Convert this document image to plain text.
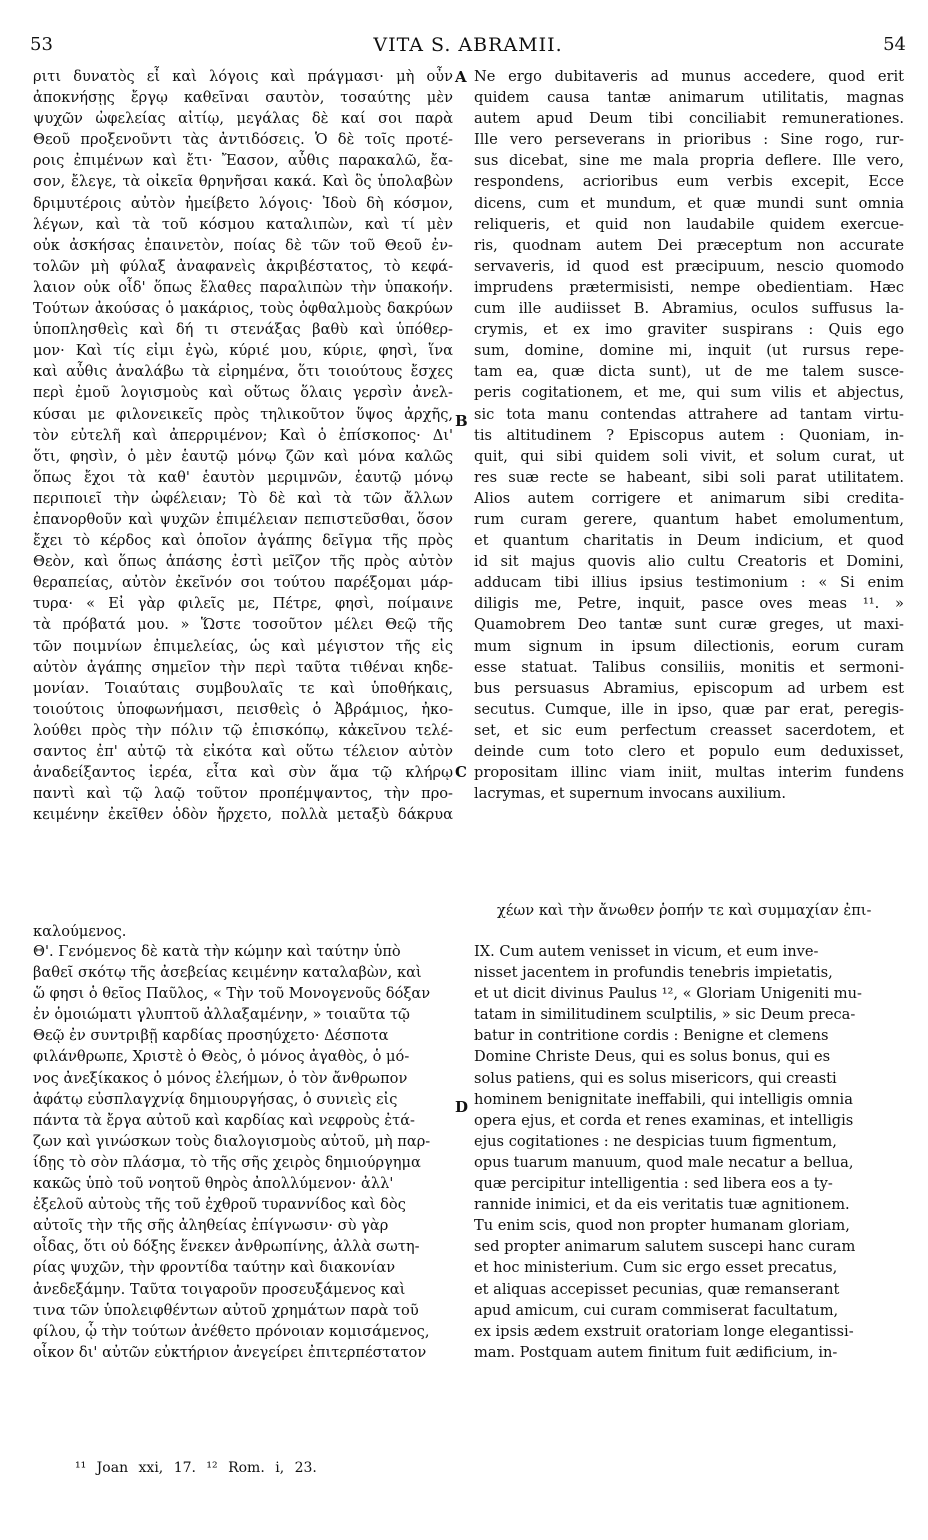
53	VITA S. ABRAMII.	54
ριτι δυνατὸς εἶ καὶ λόγοις καὶ πράγμασι· μὴ οὖν
ἀποκνήσῃς ἔργῳ καθεῖναι σαυτὸν, τοσαύτης μὲν
ψυχῶν ὠφελείας αἰτίῳ, μεγάλας δὲ καί σοι παρὰ
Θεοῦ προξενοῦντι τὰς ἀντιδόσεις. Ὁ δὲ τοῖς προτέ-
ροις ἐπιμένων καὶ ἔτι· Ἔασον, αὖθις παρακαλῶ, ἔα-
σον, ἔλεγε, τὰ οἰκεῖα θρηνῆσαι κακά. Καὶ ὃς ὑπολαβὼν
δριμυτέροις αὐτὸν ἠμείβετο λόγοις· Ἰδοὺ δὴ κόσμον,
λέγων, καὶ τὰ τοῦ κόσμου καταλιπὼν, καὶ τί μὲν
οὐκ ἀσκήσας ἐπαινετὸν, ποίας δὲ τῶν τοῦ Θεοῦ ἐν-
τολῶν μὴ φύλαξ ἀναφανεὶς ἀκριβέστατος, τὸ κεφά-
λαιον οὐκ οἶδ' ὅπως ἔλαθες παραλιπὼν τὴν ὑπακοήν.
Τούτων ἀκούσας ὁ μακάριος, τοὺς ὀφθαλμοὺς δακρύων
ὑποπλησθεὶς καὶ δή τι στενάξας βαθὺ καὶ ὑπόθερ-
μον· Καὶ τίς εἰμι ἐγὼ, κύριέ μου, κύριε, φησὶ, ἵνα
καὶ αὖθις ἀναλάβω τὰ εἰρημένα, ὅτι τοιούτους ἔσχες
περὶ ἐμοῦ λογισμοὺς καὶ οὕτως ὅλαις γερσὶν ἀνελ-
κύσαι με φιλονεικεῖς πρὸς τηλικοῦτον ὕψος ἀρχῆς,
τὸν εὐτελῆ καὶ ἀπερριμένον; Καὶ ὁ ἐπίσκοπος· Δι'
ὅτι, φησὶν, ὁ μὲν ἑαυτῷ μόνῳ ζῶν καὶ μόνα καλῶς
ὅπως ἔχοι τὰ καθ' ἑαυτὸν μεριμνῶν, ἑαυτῷ μόνῳ
περιποιεῖ τὴν ὠφέλειαν; Τὸ δὲ καὶ τὰ τῶν ἄλλων
ἐπανορθοῦν καὶ ψυχῶν ἐπιμέλειαν πεπιστεῦσθαι, ὅσον
ἔχει τὸ κέρδος καὶ ὁποῖον ἀγάπης δεῖγμα τῆς πρὸς
Θεὸν, καὶ ὅπως ἁπάσης ἐστὶ μεῖζον τῆς πρὸς αὐτὸν
θεραπείας, αὐτὸν ἐκεῖνόν σοι τούτου παρέξομαι μάρ-
τυρα· « Εἰ γὰρ φιλεῖς με, Πέτρε, φησὶ, ποίμαινε
τὰ πρόβατά μου. » Ὥστε τοσοῦτον μέλει Θεῷ τῆς
τῶν ποιμνίων ἐπιμελείας, ὡς καὶ μέγιστον τῆς εἰς
αὐτὸν ἀγάπης σημεῖον τὴν περὶ ταῦτα τιθέναι κηδε-
μονίαν. Τοιαύταις συμβουλαῖς τε καὶ ὑποθήκαις,
τοιούτοις ὑποφωνήμασι, πεισθεὶς ὁ Ἀβράμιος, ἠκο-
λούθει πρὸς τὴν πόλιν τῷ ἐπισκόπῳ, κἀκεῖνου τελέ-
σαντος ἐπ' αὐτῷ τὰ εἰκότα καὶ οὕτω τέλειον αὐτὸν
ἀναδείξαντος ἱερέα, εἶτα καὶ σὺν ἅμα τῷ κλήρῳ
παντὶ καὶ τῷ λαῷ τοῦτον προπέμψαντος, τὴν προ-
κειμένην ἐκεῖθεν ὁδὸν ἤρχετο, πολλὰ μεταξὺ δάκρυα
Ne ergo dubitaveris ad munus accedere, quod erit
quidem causa tantæ animarum utilitatis, magnas
autem apud Deum tibi conciliabit remunerationes.
Ille vero perseverans in prioribus : Sine rogo, rur-
sus dicebat, sine me mala propria deflere. Ille vero,
respondens, acrioribus eum verbis excepit, Ecce
dicens, cum et mundum, et quæ mundi sunt omnia
reliqueris, et quid non laudabile quidem exercue-
ris, quodnam autem Dei præceptum non accurate
servaveris, id quod est præcipuum, nescio quomodo
imprudens prætermisisti, nempe obedientiam. Hæc
cum ille audiisset B. Abramius, oculos suffusus la-
crymis, et ex imo graviter suspirans : Quis ego
sum, domine, domine mi, inquit (ut rursus repe-
tam ea, quæ dicta sunt), ut de me talem susce-
peris cogitationem, et me, qui sum vilis et abjectus,
sic tota manu contendas attrahere ad tantam virtu-
tis altitudinem ? Episcopus autem : Quoniam, in-
quit, qui sibi quidem soli vivit, et solum curat, ut
res suæ recte se habeant, sibi soli parat utilitatem.
Alios autem corrigere et animarum sibi credita-
rum curam gerere, quantum habet emolumentum,
et quantum charitatis in Deum indicium, et quod
id sit majus quovis alio cultu Creatoris et Domini,
adducam tibi illius ipsius testimonium : « Si enim
diligis me, Petre, inquit, pasce oves meas ¹¹. »
Quamobrem Deo tantæ sunt curæ greges, ut maxi-
mum signum in ipsum dilectionis, eorum curam
esse statuat. Talibus consiliis, monitis et sermoni-
bus persuasus Abramius, episcopum ad urbem est
secutus. Cumque, ille in ipso, quæ par erat, peregis-
set, et sic eum perfectum creasset sacerdotem, et
deinde cum toto clero et populo eum deduxisset,
propositam illinc viam iniit, multas interim fundens
lacrymas, et supernum invocans auxilium.
A
B
C
D
χέων καὶ τὴν ἄνωθεν ῥοπήν τε καὶ συμμαχίαν ἐπι-
καλούμενος.
Θ'. Γενόμενος δὲ κατὰ τὴν κώμην καὶ ταύτην ὑπὸ
βαθεῖ σκότῳ τῆς ἀσεβείας κειμένην καταλαβὼν, καὶ
ὥ φησι ὁ θεῖος Παῦλος, « Τὴν τοῦ Μονογενοῦς δόξαν
ἐν ὁμοιώματι γλυπτοῦ ἀλλαξαμένην, » τοιαῦτα τῷ
Θεῷ ἐν συντριβῇ καρδίας προσηύχετο· Δέσποτα
φιλάνθρωπε, Χριστὲ ὁ Θεὸς, ὁ μόνος ἀγαθὸς, ὁ μό-
νος ἀνεξίκακος ὁ μόνος ἐλεήμων, ὁ τὸν ἄνθρωπον
ἀφάτῳ εὐσπλαγχνίᾳ δημιουργήσας, ὁ συνιεὶς εἰς
πάντα τὰ ἔργα αὐτοῦ καὶ καρδίας καὶ νεφροὺς ἐτά-
ζων καὶ γινώσκων τοὺς διαλογισμοὺς αὐτοῦ, μὴ παρ-
ίδῃς τὸ σὸν πλάσμα, τὸ τῆς σῆς χειρὸς δημιούργημα
κακῶς ὑπὸ τοῦ νοητοῦ θηρὸς ἀπολλύμενον· ἀλλ'
ἐξελοῦ αὐτοὺς τῆς τοῦ ἐχθροῦ τυραννίδος καὶ δὸς
αὐτοῖς τὴν τῆς σῆς ἀληθείας ἐπίγνωσιν· σὺ γὰρ
οἶδας, ὅτι οὐ δόξης ἕνεκεν ἀνθρωπίνης, ἀλλὰ σωτη-
ρίας ψυχῶν, τὴν φροντίδα ταύτην καὶ διακονίαν
ἀνεδεξάμην. Ταῦτα τοιγαροῦν προσευξάμενος καὶ
τινα τῶν ὑπολειφθέντων αὐτοῦ χρημάτων παρὰ τοῦ
φίλου, ᾧ τὴν τούτων ἀνέθετο πρόνοιαν κομισάμενος,
οἶκον δι' αὐτῶν εὐκτήριον ἀνεγείρει ἐπιτερπέστατον
IX. Cum autem venisset in vicum, et eum inve-
nisset jacentem in profundis tenebris impietatis,
et ut dicit divinus Paulus ¹², « Gloriam Unigeniti mu-
tatam in similitudinem sculptilis, » sic Deum preca-
batur in contritione cordis : Benigne et clemens
Domine Christe Deus, qui es solus bonus, qui es
solus patiens, qui es solus misericors, qui creasti
hominem benignitate ineffabili, qui intelligis omnia
opera ejus, et corda et renes examinas, et intelligis
ejus cogitationes : ne despicias tuum figmentum,
opus tuarum manuum, quod male necatur a bellua,
quæ percipitur intelligentia : sed libera eos a ty-
rannide inimici, et da eis veritatis tuæ agnitionem.
Tu enim scis, quod non propter humanam gloriam,
sed propter animarum salutem suscepi hanc curam
et hoc ministerium. Cum sic ergo esset precatus,
et aliquas accepisset pecunias, quæ remanserant
apud amicum, cui curam commiserat facultatum,
ex ipsis ædem exstruit oratoriam longe elegantissi-
mam. Postquam autem finitum fuit ædificium, in-
¹¹ Joan xxi, 17. ¹² Rom. i, 23.
